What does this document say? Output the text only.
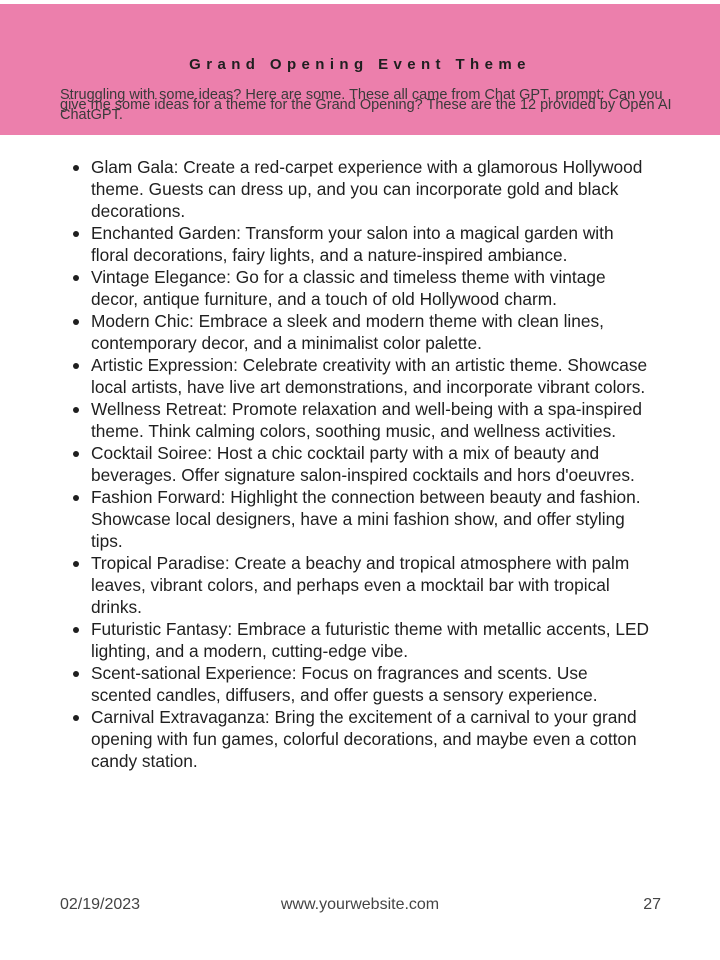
Grand Opening Event Theme
Struggling with some ideas? Here are some. These all came from Chat GPT, prompt: Can you give me some ideas for a theme for the Grand Opening? These are the 12 provided by Open AI ChatGPT.
Glam Gala: Create a red-carpet experience with a glamorous Hollywood theme. Guests can dress up, and you can incorporate gold and black decorations.
Enchanted Garden: Transform your salon into a magical garden with floral decorations, fairy lights, and a nature-inspired ambiance.
Vintage Elegance: Go for a classic and timeless theme with vintage decor, antique furniture, and a touch of old Hollywood charm.
Modern Chic: Embrace a sleek and modern theme with clean lines, contemporary decor, and a minimalist color palette.
Artistic Expression: Celebrate creativity with an artistic theme. Showcase local artists, have live art demonstrations, and incorporate vibrant colors.
Wellness Retreat: Promote relaxation and well-being with a spa-inspired theme. Think calming colors, soothing music, and wellness activities.
Cocktail Soiree: Host a chic cocktail party with a mix of beauty and beverages. Offer signature salon-inspired cocktails and hors d'oeuvres.
Fashion Forward: Highlight the connection between beauty and fashion. Showcase local designers, have a mini fashion show, and offer styling tips.
Tropical Paradise: Create a beachy and tropical atmosphere with palm leaves, vibrant colors, and perhaps even a mocktail bar with tropical drinks.
Futuristic Fantasy: Embrace a futuristic theme with metallic accents, LED lighting, and a modern, cutting-edge vibe.
Scent-sational Experience: Focus on fragrances and scents. Use scented candles, diffusers, and offer guests a sensory experience.
Carnival Extravaganza: Bring the excitement of a carnival to your grand opening with fun games, colorful decorations, and maybe even a cotton candy station.
02/19/2023	www.yourwebsite.com	27
